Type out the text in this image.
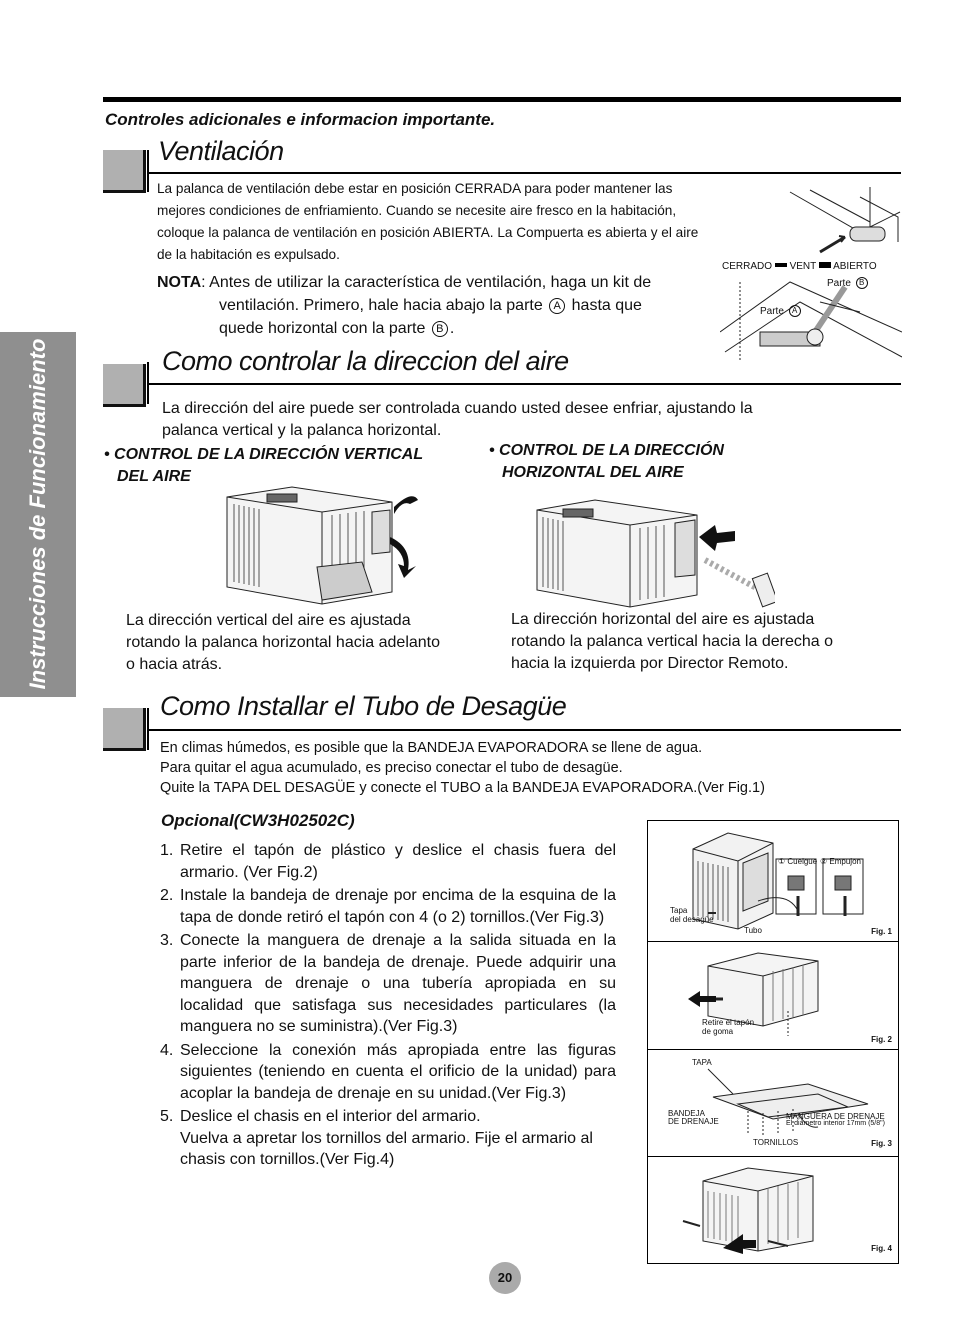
Controles adicionales e informacion importante.
Instrucciones de Funcionamiento
Ventilación
La palanca de ventilación debe estar en posición CERRADA para poder mantener las
mejores condiciones de enfriamiento. Cuando se necesite aire fresco en la habitación,
coloque la palanca de ventilación en posición ABIERTA. La Compuerta es abierta y el aire
de la habitación es expulsado.
NOTA: Antes de utilizar la característica de ventilación, haga un kit de
ventilación. Primero, hale hacia abajo la parte A hasta que
quede horizontal con la parte B .
CERRADO VENT ABIERTO
Parte B
Parte A
Como controlar la direccion del aire
La dirección del aire puede ser controlada cuando usted desee enfriar, ajustando la
palanca vertical y la palanca horizontal.
• CONTROL DE LA DIRECCIÓN VERTICAL
DEL AIRE
• CONTROL DE LA DIRECCIÓN
HORIZONTAL DEL AIRE
La dirección vertical del aire es ajustada
rotando la palanca horizontal hacia adelanto
o hacia atrás.
La dirección horizontal del aire es ajustada
rotando la palanca vertical hacia la derecha o
hacia la izquierda por Director Remoto.
Como Installar el Tubo de Desagüe
En climas húmedos, es posible que la BANDEJA EVAPORADORA se llene de agua.
Para quitar el agua acumulado, es preciso conectar el tubo de desagüe.
Quite la TAPA DEL DESAGÜE y conecte el TUBO a la BANDEJA EVAPORADORA.(Ver Fig.1)
Opcional(CW3H02502C)
1. Retire el tapón de plástico y deslice el chasis fuera del armario. (Ver Fig.2)
2. Instale la bandeja de drenaje por encima de la esquina de la tapa de donde retiró el tapón con 4 (o 2) tornillos.(Ver Fig.3)
3. Conecte la manguera de drenaje a la salida situada en la parte inferior de la bandeja de drenaje. Puede adquirir una manguera de drenaje o una tubería apropiada en su localidad que satisfaga sus necesidades particulares (la manguera no se suministra).(Ver Fig.3)
4. Seleccione la conexión más apropiada entre las figuras siguientes (teniendo en cuenta el orificio de la unidad) para acoplar la bandeja de drenaje en su unidad.(Ver Fig.3)
5. Deslice el chasis en el interior del armario.
Vuelva a apretar los tornillos del armario. Fije el armario al chasis con tornillos.(Ver Fig.4)
① Cuelgue ② Empujon
Tapa
del desagüe
Tubo	Fig. 1
Retire el tapón
de goma
Fig. 2
TAPA
BANDEJA
DE DRENAJE
MANGUERA DE DRENAJE
El diámetro interior 17mm (5/8")
TORNILLOS	Fig. 3
Fig. 4
20
